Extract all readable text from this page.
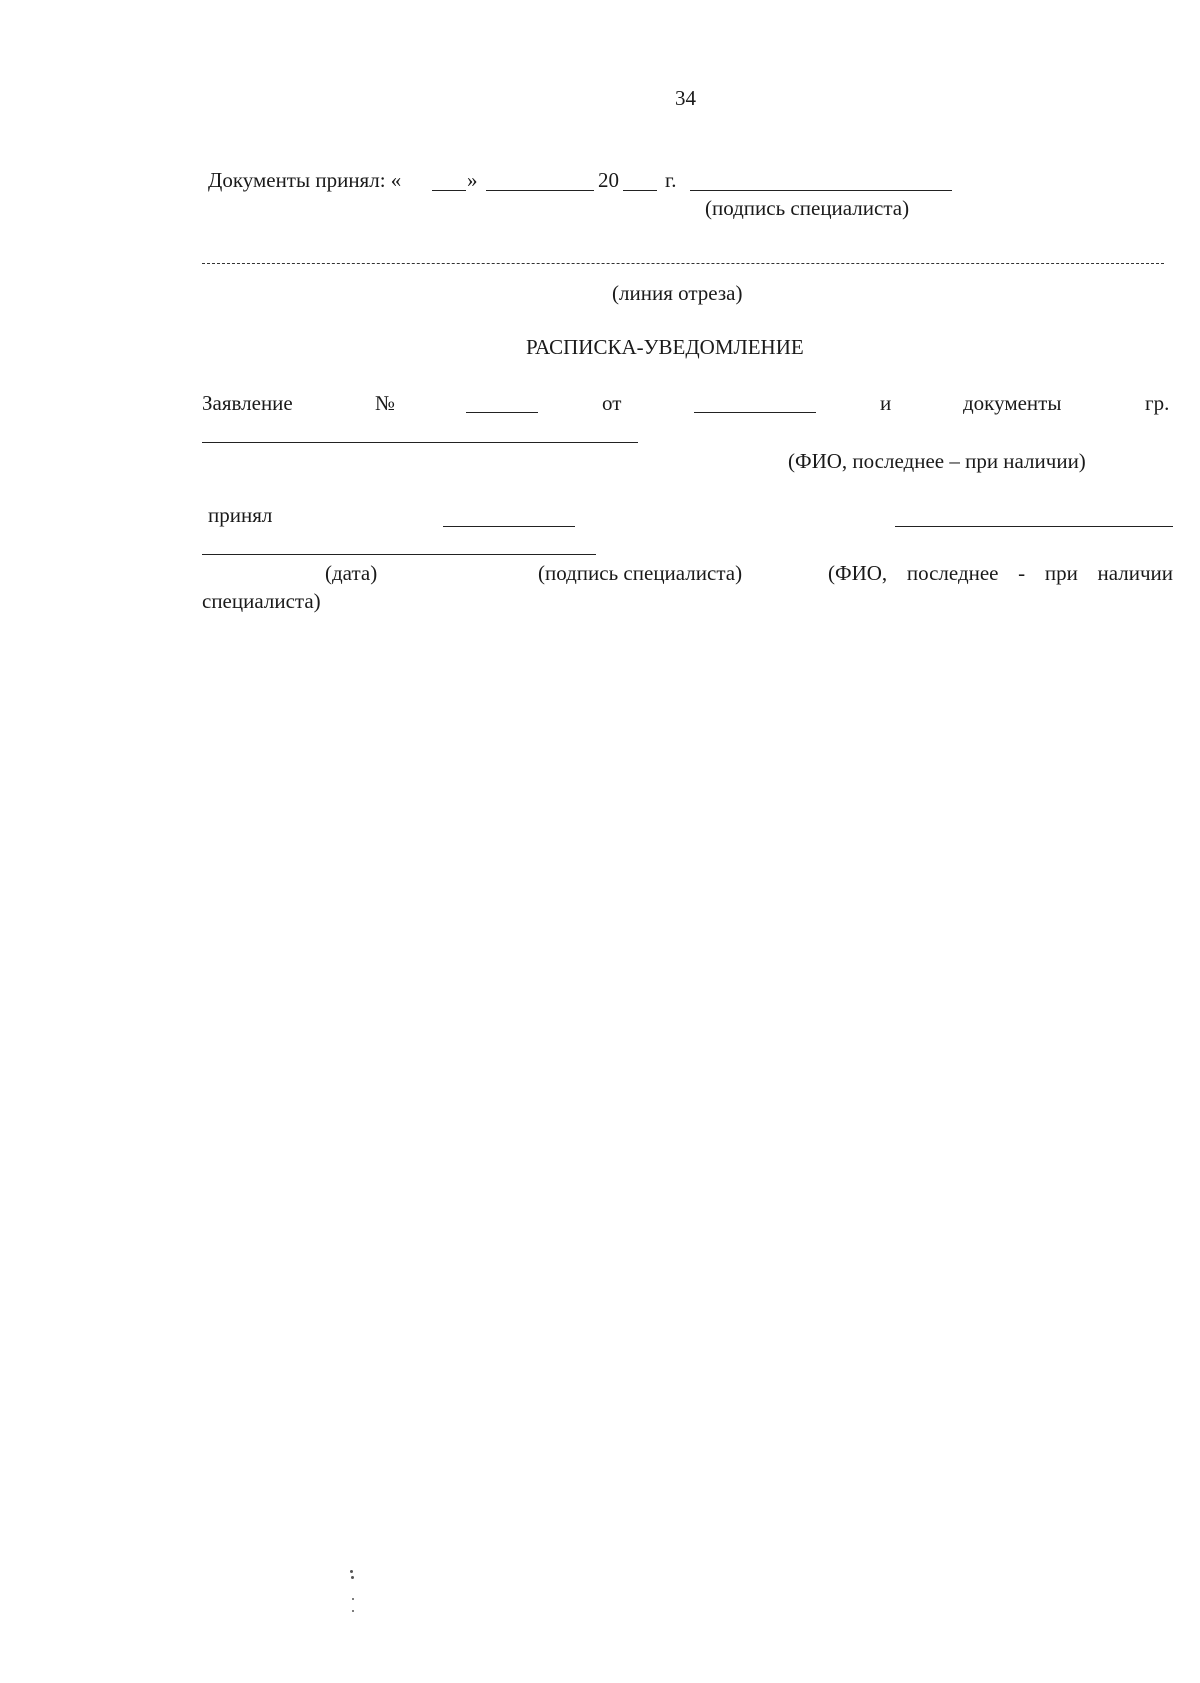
34
Документы принял: «	»	20 г.
(подпись специалиста)
(линия отреза)
РАСПИСКА-УВЕДОМЛЕНИЕ
Заявление	№	от	и	документы	гр.
(ФИО, последнее – при наличии)
принял
(дата)	(подпись специалиста)	(ФИО, последнее - при наличии
специалиста)
